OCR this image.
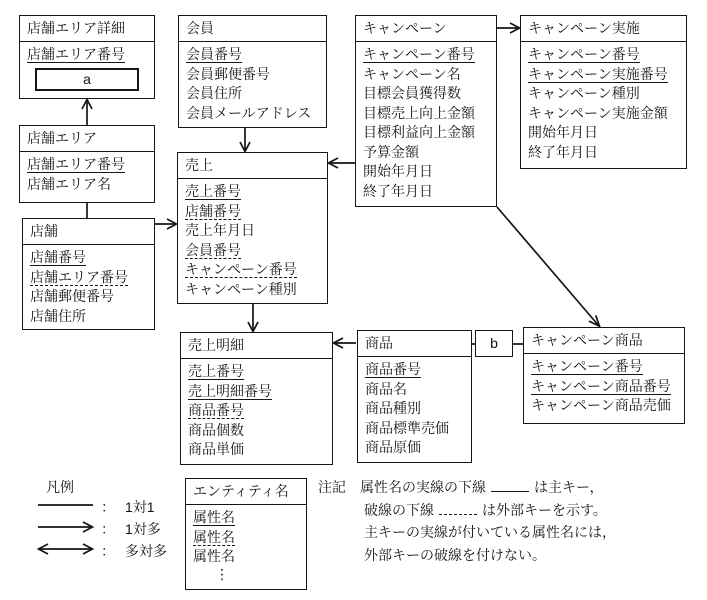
店舗エリア詳細
店舗エリア番号
a
店舗エリア
店舗エリア番号
店舗エリア名
店舗
店舗番号
店舗エリア番号
店舗郵便番号
店舗住所
会員
会員番号
会員郵便番号
会員住所
会員メールアドレス
売上
売上番号
店舗番号
売上年月日
会員番号
キャンペーン番号
キャンペーン種別
キャンペーン
キャンペーン番号
キャンペーン名
目標会員獲得数
目標売上向上金額
目標利益向上金額
予算金額
開始年月日
終了年月日
キャンペーン実施
キャンペーン番号
キャンペーン実施番号
キャンペーン種別
キャンペーン実施金額
開始年月日
終了年月日
売上明細
売上番号
売上明細番号
商品番号
商品個数
商品単価
商品
商品番号
商品名
商品種別
商品標準売価
商品原価
b	キャンペーン商品
キャンペーン番号
キャンペーン商品番号
キャンペーン商品売価
凡例
： 1対1
： 1対多
： 多対多
エンティティ名
属性名
属性名
属性名
⋮
注記 属性名の実線の下線	は主キー，
破線の下線	は外部キーを示す。
主キーの実線が付いている属性名には，
外部キーの破線を付けない。
